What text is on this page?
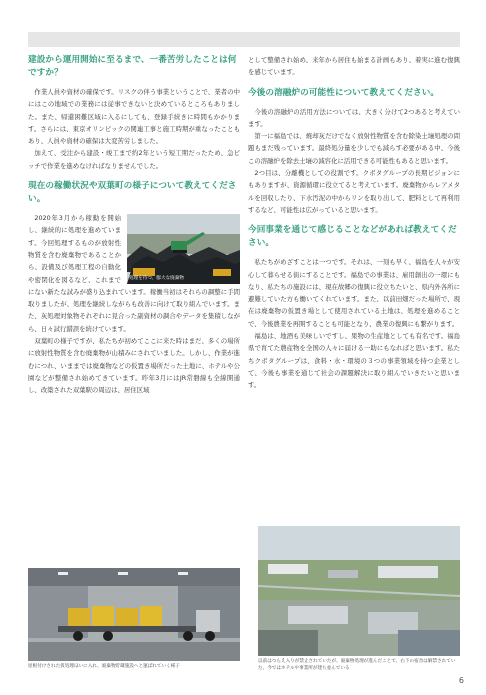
建設から運用開始に至るまで、一番苦労したことは何ですか？

作業人員や資材の確保です。リスクの伴う事業ということで、業者の中にはこの地域での業務には従事できないと決めているところもありました。また、帰還困難区域に入るにしても、登録手続きに時間もかかります。さらには、東京オリンピックの関連工事と施工時期が重なったこともあり、人員や資材の確保は大変苦労しました。

加えて、受注から建設・竣工まで約2年という短工期だったため、急ピッチで作業を進めなければなりませんでした。

現在の稼働状況や双葉町の様子について教えてください。
処理を待つ、膨大な廃棄物

2020年3月から稼動を開始し、継続的に処理を進めています。今回処理するものが放射性物質を含む廃棄物であることから、設備及び処理工程の自動化や密閉化を図るなど、これまでにない新たな試みが盛り込まれています。稼働当初はそれらの調整に手間取りましたが、処理を継続しながらも改善に向けて取り組んでいます。また、灰処理対象物それぞれに見合った副資材の調合やデータを集積しながら、日々試行錯誤を続けています。

双葉町の様子ですが、私たちが初めてここに来た時はまだ、多くの場所に放射性物質を含む廃棄物が山積みにされていました。しかし、作業が進むにつれ、いままでは廃棄物などの仮置き場所だった土地に、ホテルや公園などが整備され始めてきています。昨年3月にはJR常磐線も全線開通し、改築された双葉駅の周辺は、居住区域

屋根付けされた仮処理ほいに入れ、廃棄物貯蔵施設へと運ばれていく様子

として整備され始め、来年から居住も始まる計画もあり、着実に進む復興を感じています。

今後の溶融炉の可能性について教えてください。

今後の溶融炉の活用方法については、大きく分けて2つあると考えています。

第一に福島では、焼却灰だけでなく放射性物質を含む除染土壌処理の問題もまだ残っています。最終処分量を少しでも減らす必要がある中、今後この溶融炉を除去土壌の減容化に活用できる可能性もあると思います。

2つ目は、分離機としての役割です。クボタグループの長期ビジョンにもありますが、資源循環に役立てると考えています。廃棄物からレアメタルを回収したり、下水汚泥の中からリンを取り出して、肥料として再利用するなど、可能性は広がっていると思います。

今回事業を通じて感じることなどがあれば教えてください。

私たちがめざすことは一つです。それは、一刻も早く、福島を人々が安心して暮らせる街にすることです。福島での事業は、雇用創出の一環にもなり、私たちの施設には、現在故郷の復興に役立ちたいと、県内外各所に避難していた方も働いてくれています。また、以前田畑だった場所で、現在は廃棄物の仮置き場として使用されている土地は、処理を進めることで、今後農業を再開することも可能となり、農業の復興にも繋がります。

福島は、地酒も美味しいですし、果物の生産地としても有名です。福島県で育てた農産物を全国の人々に届ける一助にもなればと思います。私たちクボタグループは、食料・水・環境の３つの事業領域を持つ企業として、今後も事業を通じて社会の課題解決に取り組んでいきたいと思います。

以前はつらえ入りが禁止されていたが、廃棄物処理が進んだことで、右下の宿舎は解禁されていた。今ではホテルや事業所が建ち並んでいる
6
